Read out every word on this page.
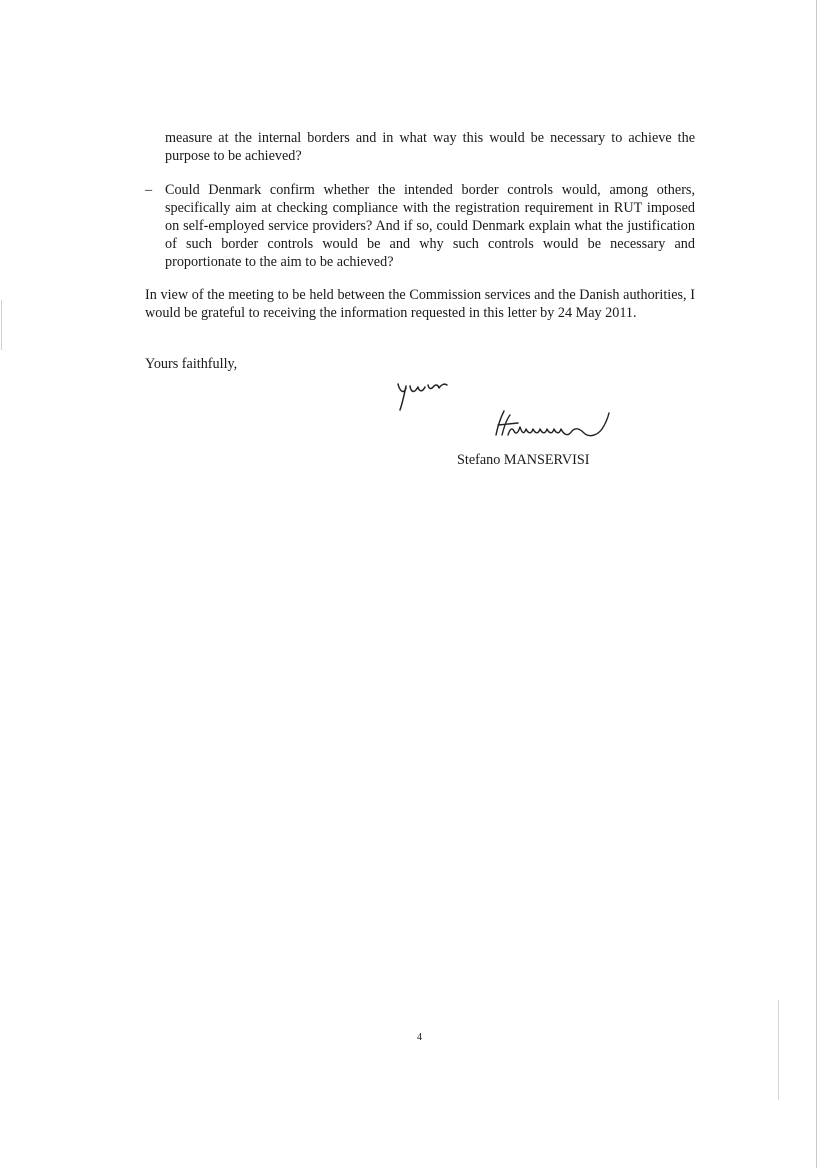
measure at the internal borders and in what way this would be necessary to achieve the purpose to be achieved?
– Could Denmark confirm whether the intended border controls would, among others, specifically aim at checking compliance with the registration requirement in RUT imposed on self-employed service providers? And if so, could Denmark explain what the justification of such border controls would be and why such controls would be necessary and proportionate to the aim to be achieved?
In view of the meeting to be held between the Commission services and the Danish authorities, I would be grateful to receiving the information requested in this letter by 24 May 2011.
Yours faithfully,
Stefano MANSERVISI
4
